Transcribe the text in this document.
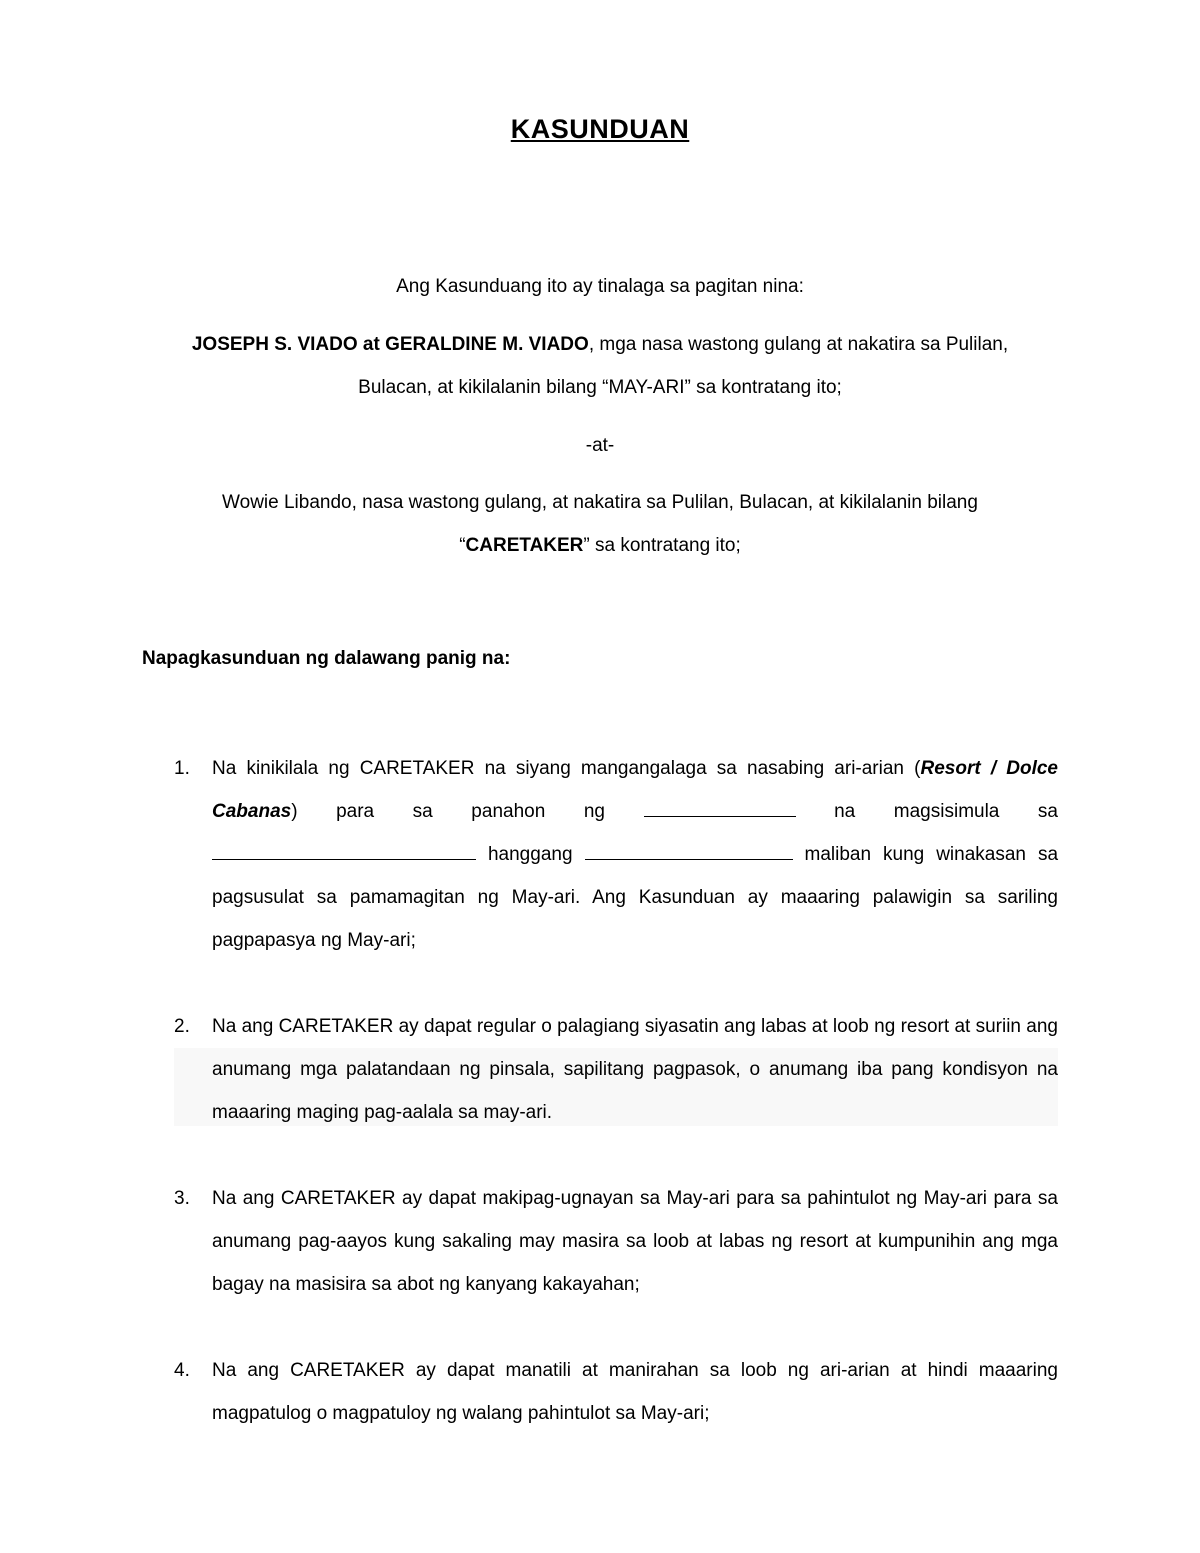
KASUNDUAN
Ang Kasunduang ito ay tinalaga sa pagitan nina:
JOSEPH S. VIADO at GERALDINE M. VIADO, mga nasa wastong gulang at nakatira sa Pulilan,
Bulacan, at kikilalanin bilang “MAY-ARI” sa kontratang ito;
-at-
Wowie Libando, nasa wastong gulang, at nakatira sa Pulilan, Bulacan, at kikilalanin bilang
“CARETAKER” sa kontratang ito;
Napagkasunduan ng dalawang panig na:
1.	Na kinikilala ng CARETAKER na siyang mangangalaga sa nasabing ari-arian (Resort / Dolce Cabanas) para sa panahon ng	na magsisimula sa  hanggang	maliban kung winakasan sa pagsusulat sa pamamagitan ng May-ari. Ang Kasunduan ay maaaring palawigin sa sariling pagpapasya ng May-ari;
2.	Na ang CARETAKER ay dapat regular o palagiang siyasatin ang labas at loob ng resort at suriin ang anumang mga palatandaan ng pinsala, sapilitang pagpasok, o anumang iba pang kondisyon na maaaring maging pag-aalala sa may-ari.
3.	Na ang CARETAKER ay dapat makipag-ugnayan sa May-ari para sa pahintulot ng May-ari para sa anumang pag-aayos kung sakaling may masira sa loob at labas ng resort at kumpunihin ang mga bagay na masisira sa abot ng kanyang kakayahan;
4.	Na ang CARETAKER ay dapat manatili at manirahan sa loob ng ari-arian at hindi maaaring magpatulog o magpatuloy ng walang pahintulot sa May-ari;
